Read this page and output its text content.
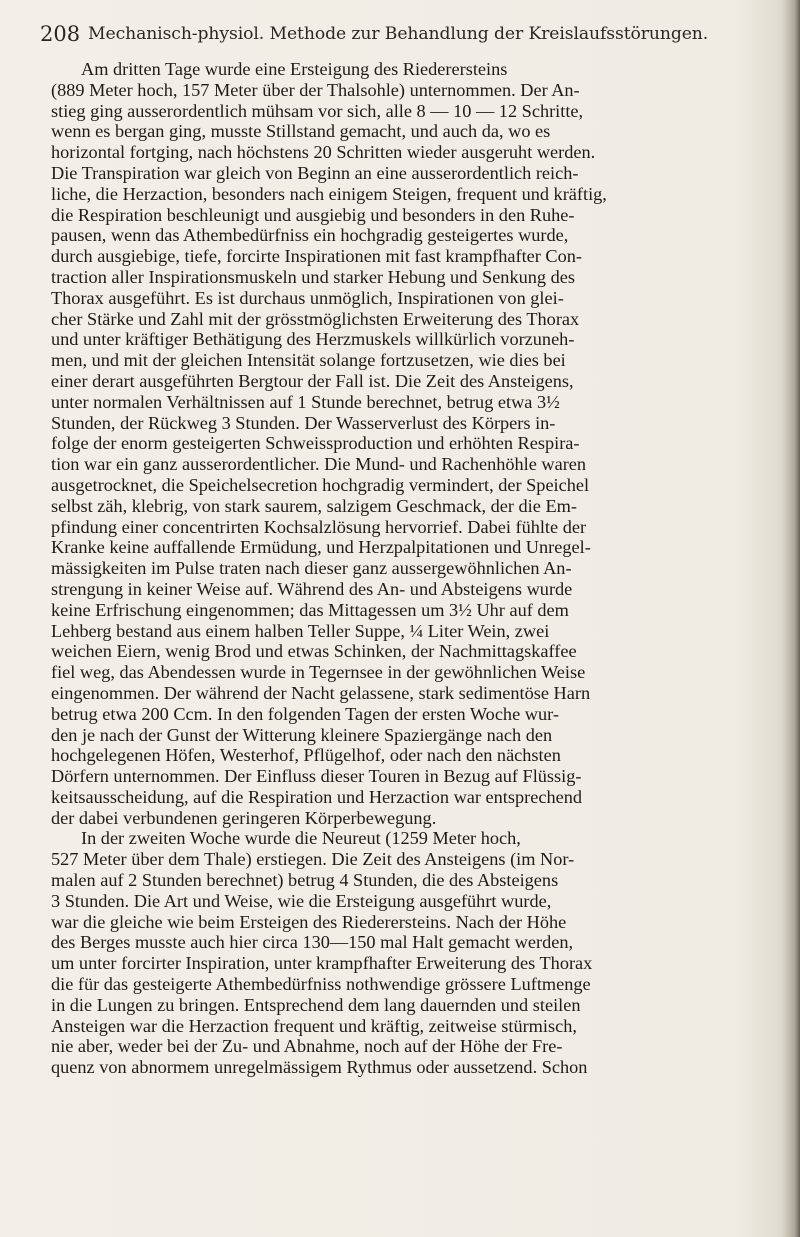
208 Mechanisch-physiol. Methode zur Behandlung der Kreislaufsstörungen.
Am dritten Tage wurde eine Ersteigung des Riederersteins
(889 Meter hoch, 157 Meter über der Thalsohle) unternommen. Der An-
stieg ging ausserordentlich mühsam vor sich, alle 8 — 10 — 12 Schritte,
wenn es bergan ging, musste Stillstand gemacht, und auch da, wo es
horizontal fortging, nach höchstens 20 Schritten wieder ausgeruht werden.
Die Transpiration war gleich von Beginn an eine ausserordentlich reich-
liche, die Herzaction, besonders nach einigem Steigen, frequent und kräftig,
die Respiration beschleunigt und ausgiebig und besonders in den Ruhe-
pausen, wenn das Athembedürfniss ein hochgradig gesteigertes wurde,
durch ausgiebige, tiefe, forcirte Inspirationen mit fast krampfhafter Con-
traction aller Inspirationsmuskeln und starker Hebung und Senkung des
Thorax ausgeführt. Es ist durchaus unmöglich, Inspirationen von glei-
cher Stärke und Zahl mit der grösstmöglichsten Erweiterung des Thorax
und unter kräftiger Bethätigung des Herzmuskels willkürlich vorzuneh-
men, und mit der gleichen Intensität solange fortzusetzen, wie dies bei
einer derart ausgeführten Bergtour der Fall ist. Die Zeit des Ansteigens,
unter normalen Verhältnissen auf 1 Stunde berechnet, betrug etwa 3½
Stunden, der Rückweg 3 Stunden. Der Wasserverlust des Körpers in-
folge der enorm gesteigerten Schweissproduction und erhöhten Respira-
tion war ein ganz ausserordentlicher. Die Mund- und Rachenhöhle waren
ausgetrocknet, die Speichelsecretion hochgradig vermindert, der Speichel
selbst zäh, klebrig, von stark saurem, salzigem Geschmack, der die Em-
pfindung einer concentrirten Kochsalzlösung hervorrief. Dabei fühlte der
Kranke keine auffallende Ermüdung, und Herzpalpitationen und Unregel-
mässigkeiten im Pulse traten nach dieser ganz aussergewöhnlichen An-
strengung in keiner Weise auf. Während des An- und Absteigens wurde
keine Erfrischung eingenommen; das Mittagessen um 3½ Uhr auf dem
Lehberg bestand aus einem halben Teller Suppe, ¼ Liter Wein, zwei
weichen Eiern, wenig Brod und etwas Schinken, der Nachmittagskaffee
fiel weg, das Abendessen wurde in Tegernsee in der gewöhnlichen Weise
eingenommen. Der während der Nacht gelassene, stark sedimentöse Harn
betrug etwa 200 Ccm. In den folgenden Tagen der ersten Woche wur-
den je nach der Gunst der Witterung kleinere Spaziergänge nach den
hochgelegenen Höfen, Westerhof, Pflügelhof, oder nach den nächsten
Dörfern unternommen. Der Einfluss dieser Touren in Bezug auf Flüssig-
keitsausscheidung, auf die Respiration und Herzaction war entsprechend
der dabei verbundenen geringeren Körperbewegung.
In der zweiten Woche wurde die Neureut (1259 Meter hoch,
527 Meter über dem Thale) erstiegen. Die Zeit des Ansteigens (im Nor-
malen auf 2 Stunden berechnet) betrug 4 Stunden, die des Absteigens
3 Stunden. Die Art und Weise, wie die Ersteigung ausgeführt wurde,
war die gleiche wie beim Ersteigen des Riederersteins. Nach der Höhe
des Berges musste auch hier circa 130—150 mal Halt gemacht werden,
um unter forcirter Inspiration, unter krampfhafter Erweiterung des Thorax
die für das gesteigerte Athembedürfniss nothwendige grössere Luftmenge
in die Lungen zu bringen. Entsprechend dem lang dauernden und steilen
Ansteigen war die Herzaction frequent und kräftig, zeitweise stürmisch,
nie aber, weder bei der Zu- und Abnahme, noch auf der Höhe der Fre-
quenz von abnormem unregelmässigem Rythmus oder aussetzend. Schon
